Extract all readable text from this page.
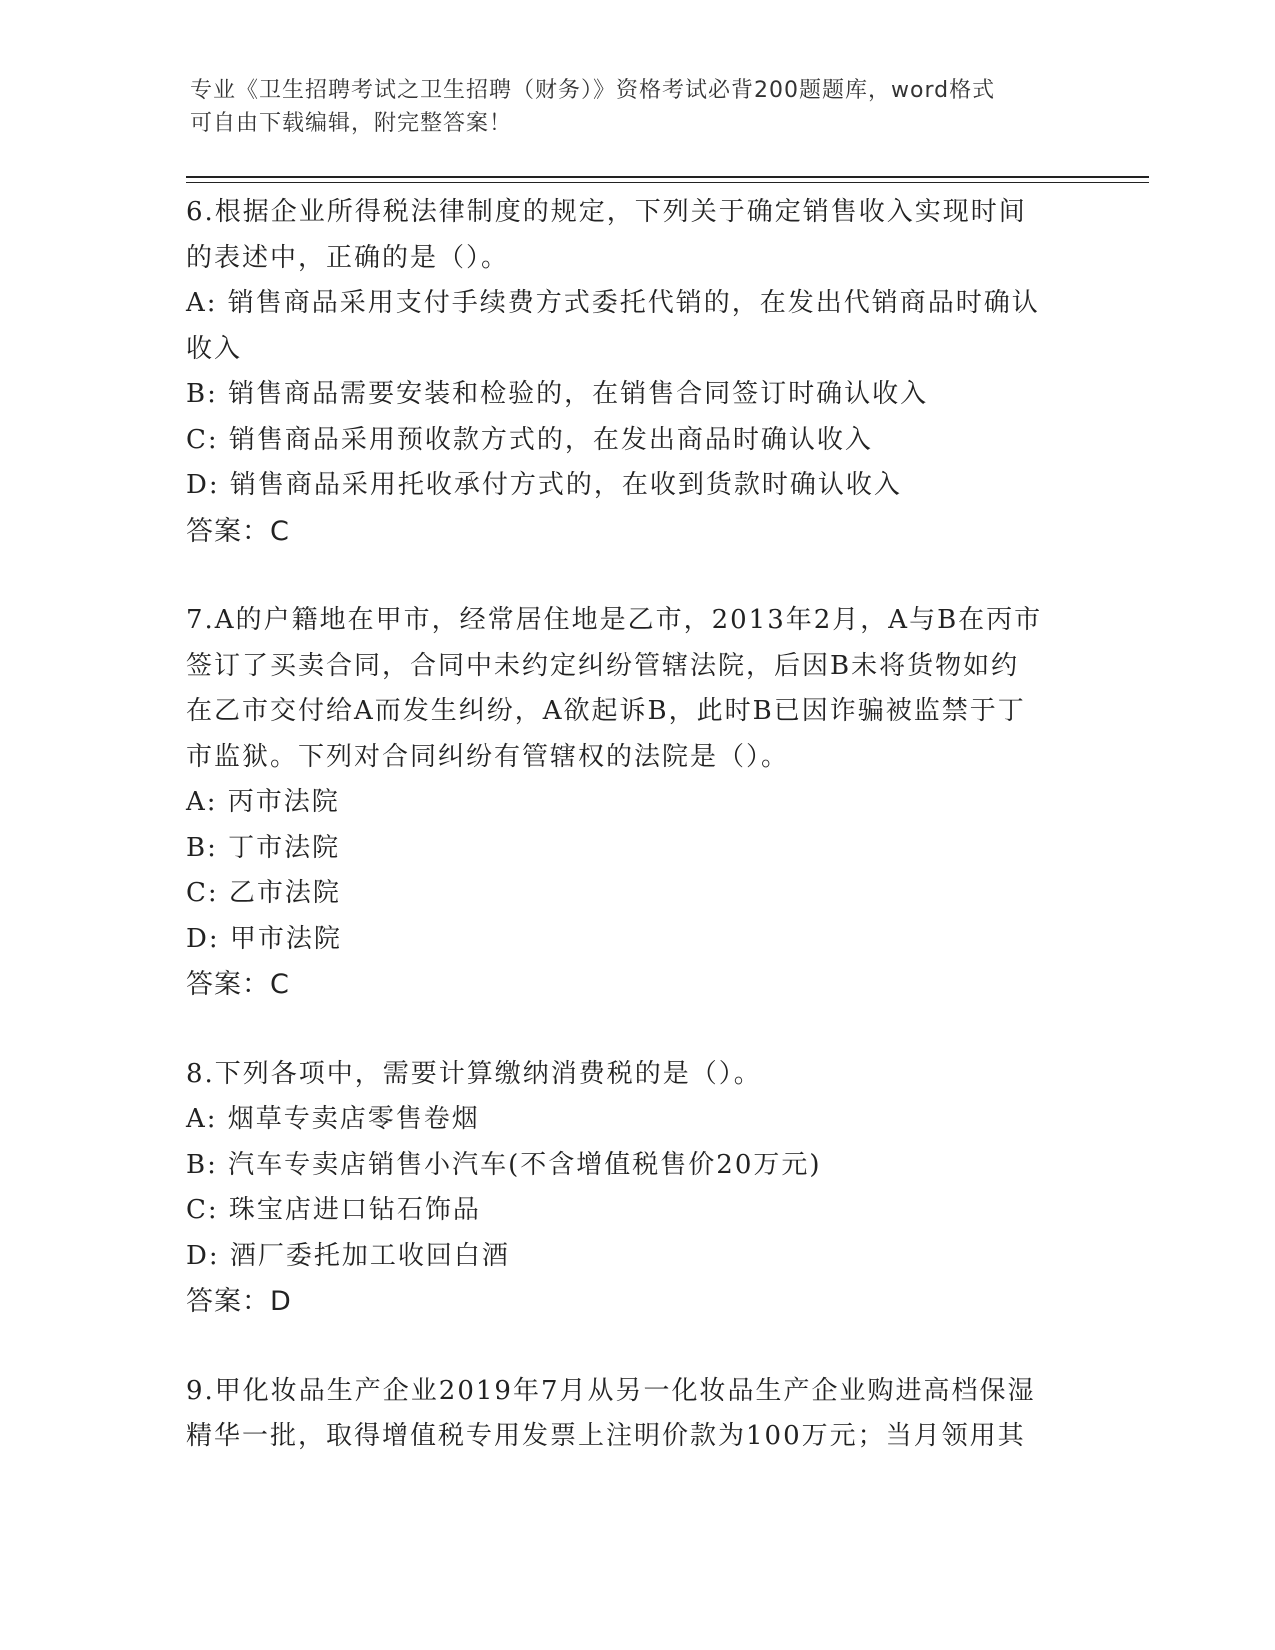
专业《卫生招聘考试之卫生招聘（财务）》资格考试必背200题题库，word格式
可自由下载编辑，附完整答案！
6.根据企业所得税法律制度的规定，下列关于确定销售收入实现时间
的表述中，正确的是（）。
A: 销售商品采用支付手续费方式委托代销的，在发出代销商品时确认
收入
B: 销售商品需要安装和检验的，在销售合同签订时确认收入
C: 销售商品采用预收款方式的，在发出商品时确认收入
D: 销售商品采用托收承付方式的，在收到货款时确认收入
答案：C
7.A的户籍地在甲市，经常居住地是乙市，2013年2月，A与B在丙市
签订了买卖合同，合同中未约定纠纷管辖法院，后因B未将货物如约
在乙市交付给A而发生纠纷，A欲起诉B，此时B已因诈骗被监禁于丁
市监狱。下列对合同纠纷有管辖权的法院是（）。
A: 丙市法院
B: 丁市法院
C: 乙市法院
D: 甲市法院
答案：C
8.下列各项中，需要计算缴纳消费税的是（）。
A: 烟草专卖店零售卷烟
B: 汽车专卖店销售小汽车(不含增值税售价20万元)
C: 珠宝店进口钻石饰品
D: 酒厂委托加工收回白酒
答案：D
9.甲化妆品生产企业2019年7月从另一化妆品生产企业购进高档保湿
精华一批，取得增值税专用发票上注明价款为100万元；当月领用其
